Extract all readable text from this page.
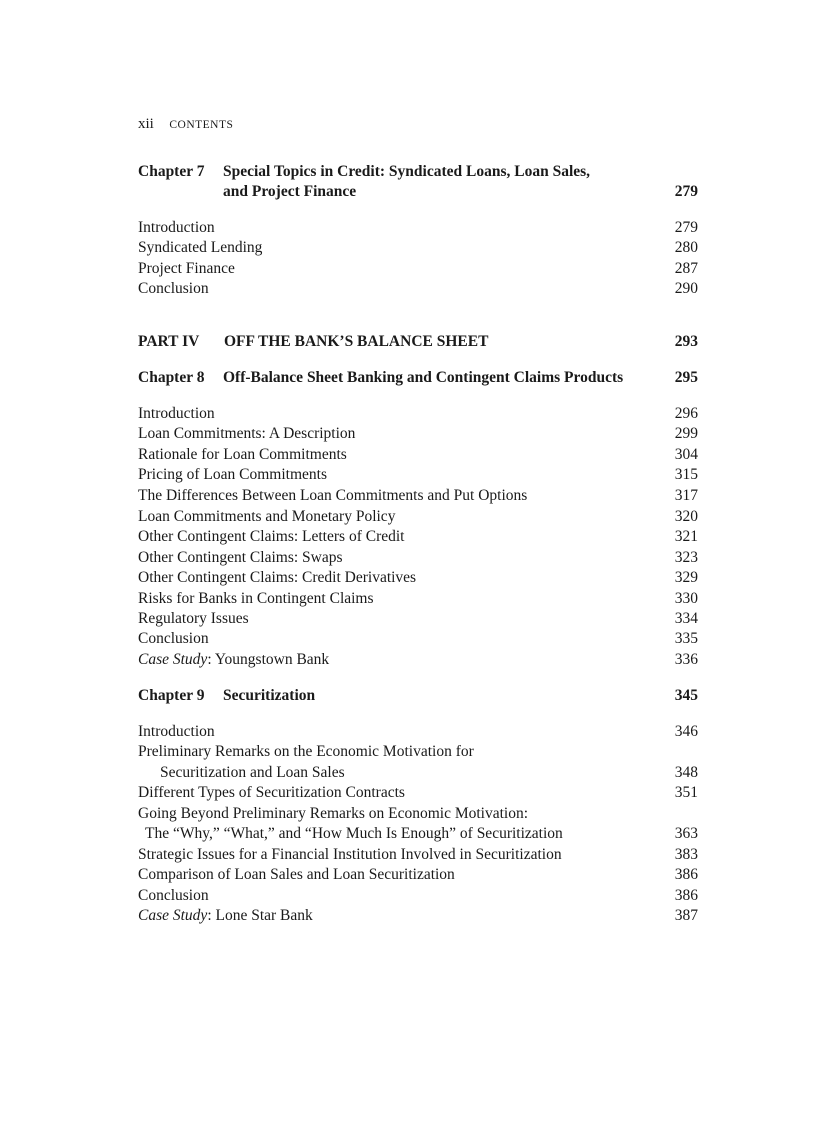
xii CONTENTS
Chapter 7 Special Topics in Credit: Syndicated Loans, Loan Sales,
and Project Finance	279
Introduction	279
Syndicated Lending	280
Project Finance	287
Conclusion	290
PART IV OFF THE BANK’S BALANCE SHEET	293
Chapter 8 Off-Balance Sheet Banking and Contingent Claims Products	295
Introduction	296
Loan Commitments: A Description	299
Rationale for Loan Commitments	304
Pricing of Loan Commitments	315
The Differences Between Loan Commitments and Put Options	317
Loan Commitments and Monetary Policy	320
Other Contingent Claims: Letters of Credit	321
Other Contingent Claims: Swaps	323
Other Contingent Claims: Credit Derivatives	329
Risks for Banks in Contingent Claims	330
Regulatory Issues	334
Conclusion	335
Case Study: Youngstown Bank	336
Chapter 9 Securitization	345
Introduction	346
Preliminary Remarks on the Economic Motivation for
Securitization and Loan Sales	348
Different Types of Securitization Contracts	351
Going Beyond Preliminary Remarks on Economic Motivation:
The “Why,” “What,” and “How Much Is Enough” of Securitization	363
Strategic Issues for a Financial Institution Involved in Securitization	383
Comparison of Loan Sales and Loan Securitization	386
Conclusion	386
Case Study: Lone Star Bank	387
